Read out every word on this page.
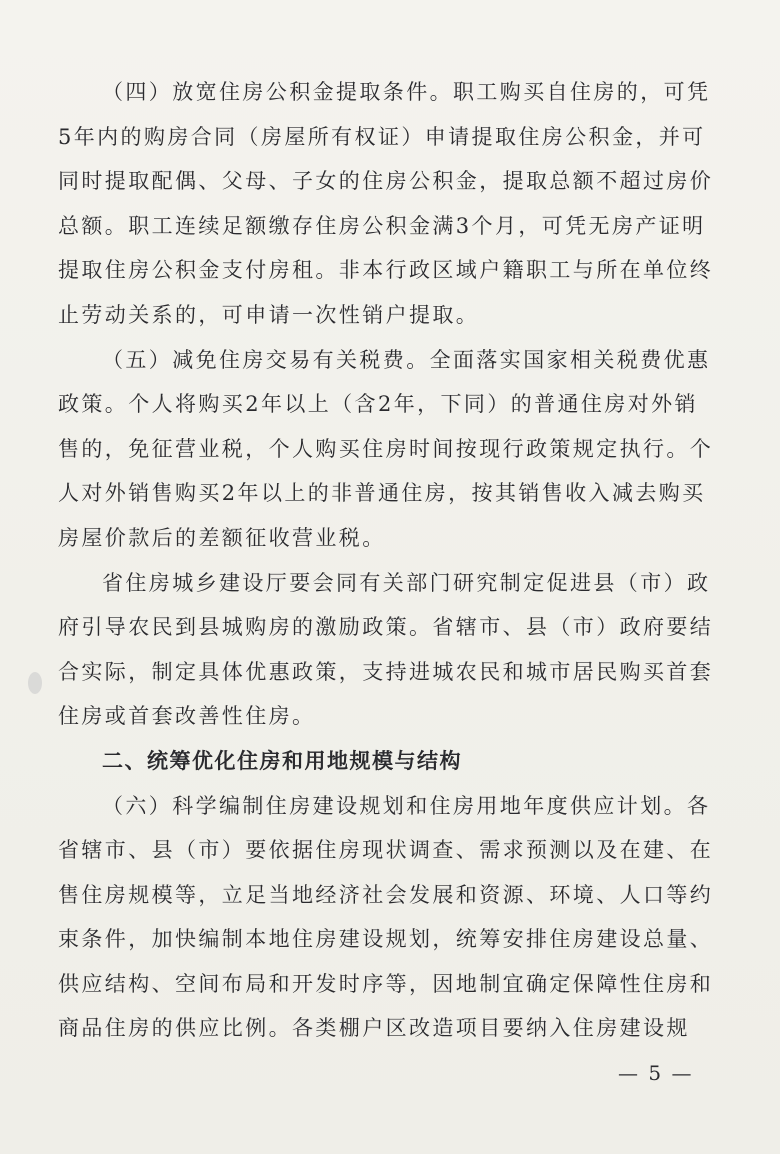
（四）放宽住房公积金提取条件。职工购买自住房的，可凭
5年内的购房合同（房屋所有权证）申请提取住房公积金，并可
同时提取配偶、父母、子女的住房公积金，提取总额不超过房价
总额。职工连续足额缴存住房公积金满3个月，可凭无房产证明
提取住房公积金支付房租。非本行政区域户籍职工与所在单位终
止劳动关系的，可申请一次性销户提取。
（五）减免住房交易有关税费。全面落实国家相关税费优惠
政策。个人将购买2年以上（含2年，下同）的普通住房对外销
售的，免征营业税，个人购买住房时间按现行政策规定执行。个
人对外销售购买2年以上的非普通住房，按其销售收入减去购买
房屋价款后的差额征收营业税。
省住房城乡建设厅要会同有关部门研究制定促进县（市）政
府引导农民到县城购房的激励政策。省辖市、县（市）政府要结
合实际，制定具体优惠政策，支持进城农民和城市居民购买首套
住房或首套改善性住房。
二、统筹优化住房和用地规模与结构
（六）科学编制住房建设规划和住房用地年度供应计划。各
省辖市、县（市）要依据住房现状调查、需求预测以及在建、在
售住房规模等，立足当地经济社会发展和资源、环境、人口等约
束条件，加快编制本地住房建设规划，统筹安排住房建设总量、
供应结构、空间布局和开发时序等，因地制宜确定保障性住房和
商品住房的供应比例。各类棚户区改造项目要纳入住房建设规
— 5 —
